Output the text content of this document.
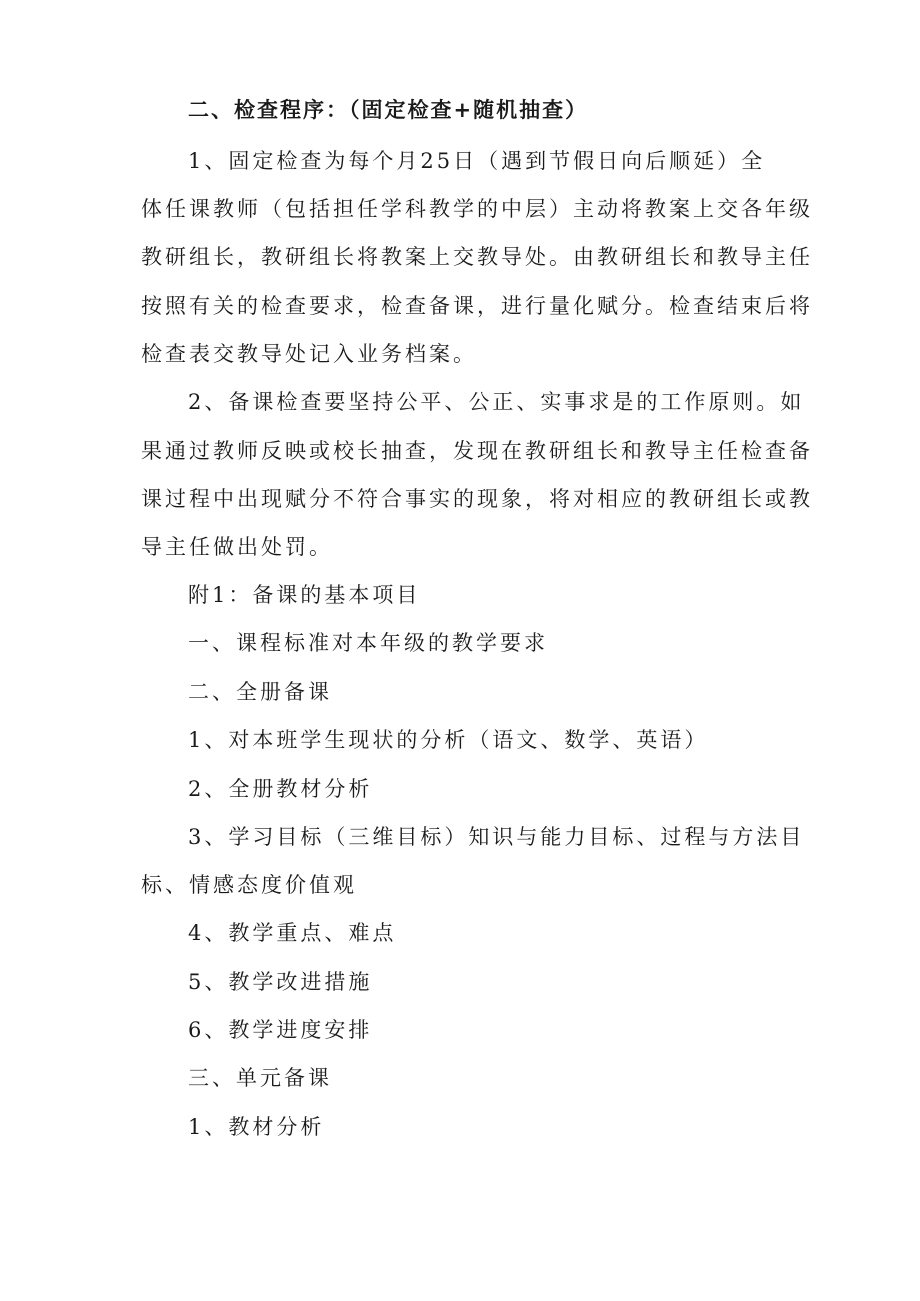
二、检查程序：（固定检查+随机抽查）
1、固定检查为每个月25日（遇到节假日向后顺延）全
体任课教师（包括担任学科教学的中层）主动将教案上交各年级
教研组长，教研组长将教案上交教导处。由教研组长和教导主任
按照有关的检查要求，检查备课，进行量化赋分。检查结束后将
检查表交教导处记入业务档案。
2、备课检查要坚持公平、公正、实事求是的工作原则。如
果通过教师反映或校长抽查，发现在教研组长和教导主任检查备
课过程中出现赋分不符合事实的现象，将对相应的教研组长或教
导主任做出处罚。
附1：备课的基本项目
一、课程标准对本年级的教学要求
二、全册备课
1、对本班学生现状的分析（语文、数学、英语）
2、全册教材分析
3、学习目标（三维目标）知识与能力目标、过程与方法目
标、情感态度价值观
4、教学重点、难点
5、教学改进措施
6、教学进度安排
三、单元备课
1、教材分析
